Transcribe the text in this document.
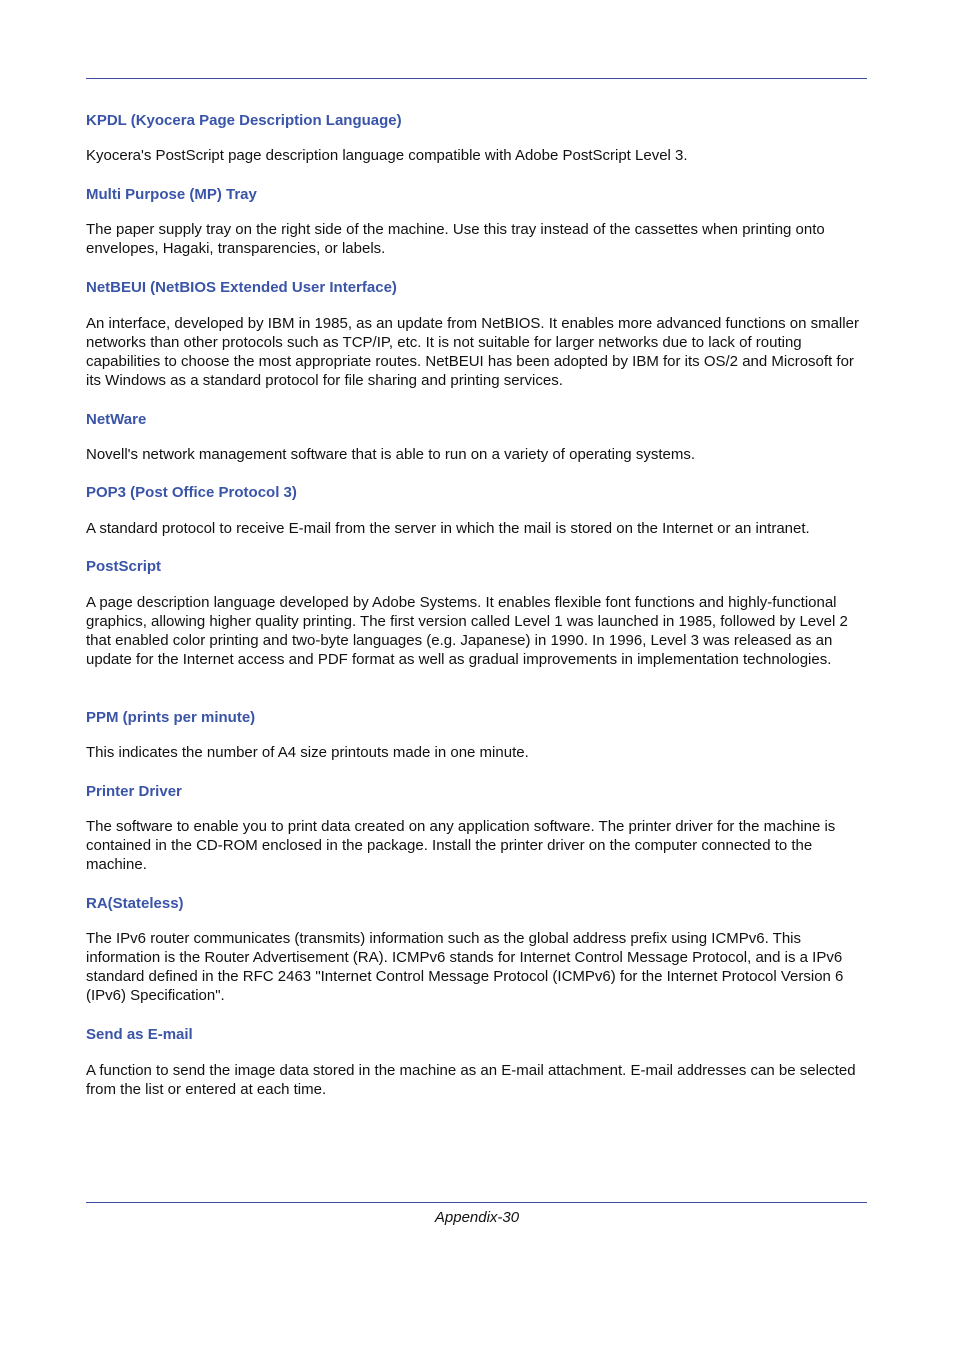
KPDL (Kyocera Page Description Language)

Kyocera's PostScript page description language compatible with Adobe PostScript Level 3.

Multi Purpose (MP) Tray

The paper supply tray on the right side of the machine. Use this tray instead of the cassettes when printing onto envelopes, Hagaki, transparencies, or labels.

NetBEUI (NetBIOS Extended User Interface)

An interface, developed by IBM in 1985, as an update from NetBIOS. It enables more advanced functions on smaller networks than other protocols such as TCP/IP, etc. It is not suitable for larger networks due to lack of routing capabilities to choose the most appropriate routes. NetBEUI has been adopted by IBM for its OS/2 and Microsoft for its Windows as a standard protocol for file sharing and printing services.

NetWare

Novell's network management software that is able to run on a variety of operating systems.

POP3 (Post Office Protocol 3)

A standard protocol to receive E-mail from the server in which the mail is stored on the Internet or an intranet.

PostScript

A page description language developed by Adobe Systems. It enables flexible font functions and highly-functional graphics, allowing higher quality printing. The first version called Level 1 was launched in 1985, followed by Level 2 that enabled color printing and two-byte languages (e.g. Japanese) in 1990. In 1996, Level 3 was released as an update for the Internet access and PDF format as well as gradual improvements in implementation technologies.

PPM (prints per minute)

This indicates the number of A4 size printouts made in one minute.

Printer Driver

The software to enable you to print data created on any application software. The printer driver for the machine is contained in the CD-ROM enclosed in the package. Install the printer driver on the computer connected to the machine.

RA(Stateless)

The IPv6 router communicates (transmits) information such as the global address prefix using ICMPv6. This information is the Router Advertisement (RA). ICMPv6 stands for Internet Control Message Protocol, and is a IPv6 standard defined in the RFC 2463 "Internet Control Message Protocol (ICMPv6) for the Internet Protocol Version 6 (IPv6) Specification".

Send as E-mail

A function to send the image data stored in the machine as an E-mail attachment. E-mail addresses can be selected from the list or entered at each time.

Appendix-30
